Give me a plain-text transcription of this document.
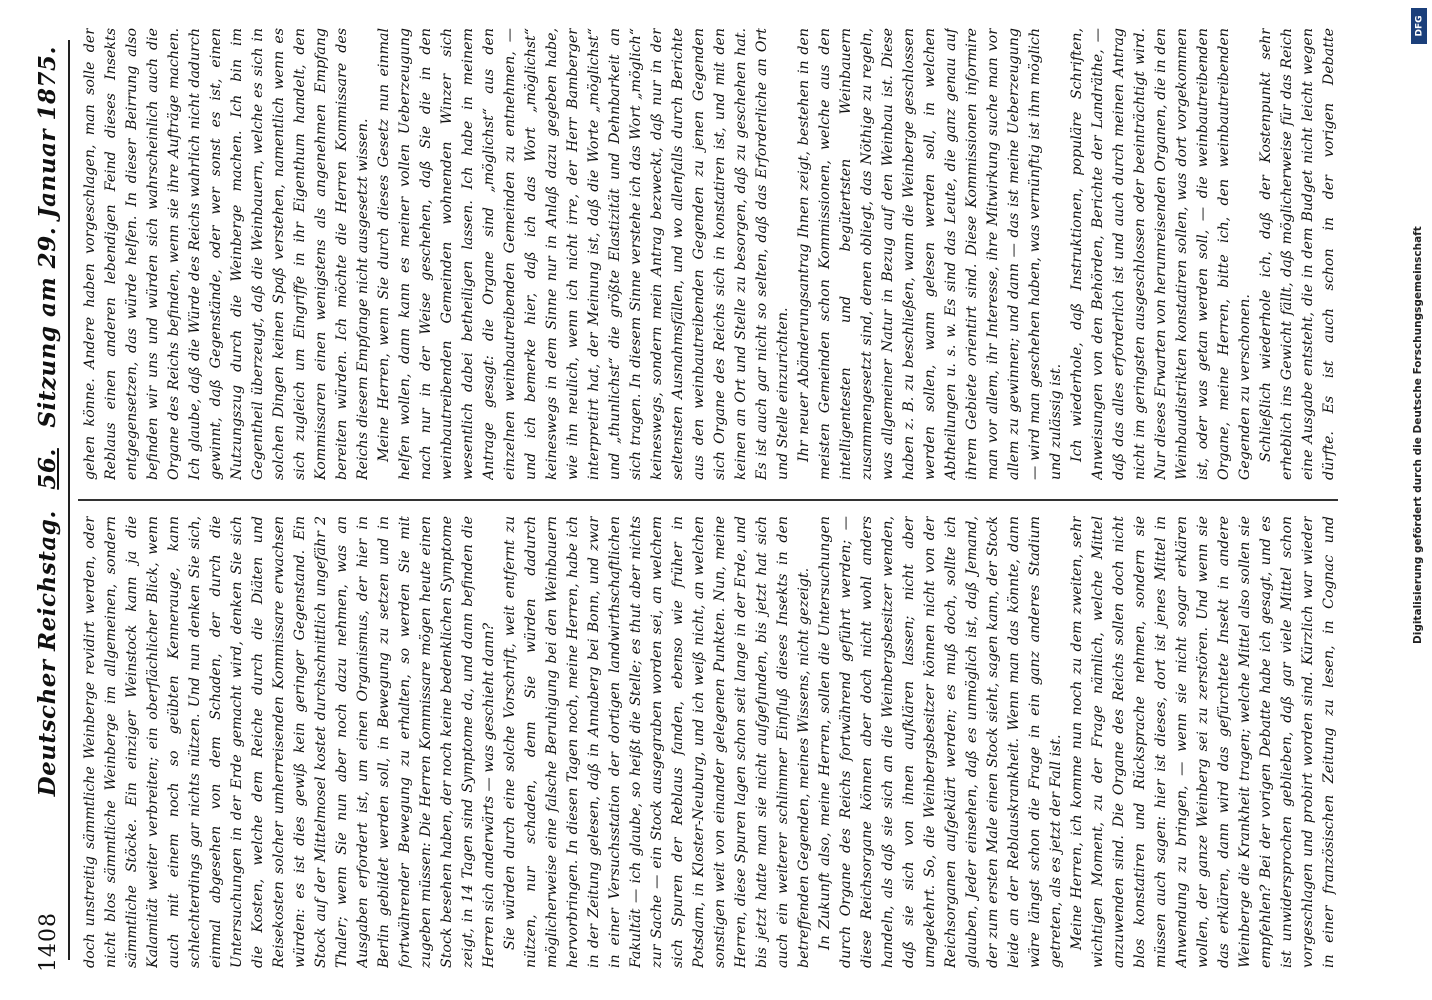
1408
Deutscher Reichstag. 56. Sitzung am 29. Januar 1875.

doch unstreitig sämmtliche Weinberge revidirt werden, oder nicht blos sämmtliche Weinberge im allgemeinen, sondern sämmtliche Stöcke. Ein einziger Weinstock kann ja die Kalamität weiter verbreiten; ein oberflächlicher Blick, wenn auch mit einem noch so geübten Kennerauge, kann schlechterdings gar nichts nützen. Und nun denken Sie sich, einmal abgesehen von dem Schaden, der durch die Untersuchungen in der Erde gemacht wird, denken Sie sich die Kosten, welche dem Reiche durch die Diäten und Reisekosten solcher umherreisenden Kommissare erwachsen würden: es ist dies gewiß kein geringer Gegenstand. Ein Stock auf der Mittelmosel kostet durchschnittlich ungefähr 2 Thaler; wenn Sie nun aber noch dazu nehmen, was an Ausgaben erfordert ist, um einen Organismus, der hier in Berlin gebildet werden soll, in Bewegung zu setzen und in fortwährender Bewegung zu erhalten, so werden Sie mit zugeben müssen: Die Herren Kommissare mögen heute einen Stock besehen haben, der noch keine bedenklichen Symptome zeigt, in 14 Tagen sind Symptome da, und dann befinden die Herren sich anderwärts — was geschieht dann? Sie würden durch eine solche Vorschrift, weit entfernt zu nützen, nur schaden, denn Sie würden dadurch möglicherweise eine falsche Beruhigung bei den Weinbauern hervorbringen. In diesen Tagen noch, meine Herren, habe ich in der Zeitung gelesen, daß in Annaberg bei Bonn, und zwar in einer Versuchsstation der dortigen landwirthschaftlichen Fakultät — ich glaube, so heißt die Stelle; es thut aber nichts zur Sache — ein Stock ausgegraben worden sei, an welchem sich Spuren der Reblaus fanden, ebenso wie früher in Potsdam, in Kloster-Neuburg, und ich weiß nicht, an welchen sonstigen weit von einander gelegenen Punkten. Nun, meine Herren, diese Spuren lagen schon seit lange in der Erde, und bis jetzt hatte man sie nicht aufgefunden, bis jetzt hat sich auch ein weiterer schlimmer Einfluß dieses Insekts in den betreffenden Gegenden, meines Wissens, nicht gezeigt. In Zukunft also, meine Herren, sollen die Untersuchungen durch Organe des Reichs fortwährend geführt werden; — diese Reichsorgane können aber doch nicht wohl anders handeln, als daß sie sich an die Weinbergsbesitzer wenden, daß sie sich von ihnen aufklären lassen; nicht aber umgekehrt. So, die Weinbergsbesitzer können nicht von der Reichsorganen aufgeklärt werden; es muß doch, sollte ich glauben, Jeder einsehen, daß es unmöglich ist, daß Jemand, der zum ersten Male einen Stock sieht, sagen kann, der Stock leide an der Reblauskrankheit. Wenn man das könnte, dann wäre längst schon die Frage in ein ganz anderes Stadium getreten, als es jetzt der Fall ist. Meine Herren, ich komme nun noch zu dem zweiten, sehr wichtigen Moment, zu der Frage nämlich, welche Mittel anzuwenden sind. Die Organe des Reichs sollen doch nicht blos konstatiren und Rücksprache nehmen, sondern sie müssen auch sagen: hier ist dieses, dort ist jenes Mittel in Anwendung zu bringen, — wenn sie nicht sogar erklären wollen, der ganze Weinberg sei zu zerstören. Und wenn sie das erklären, dann wird das gefürchtete Insekt in andere Weinberge die Krankheit tragen; welche Mittel also sollen sie empfehlen? Bei der vorigen Debatte habe ich gesagt, und es ist unwidersprochen geblieben, daß gar viele Mittel schon vorgeschlagen und probirt worden sind. Kürzlich war wieder in einer französischen Zeitung zu lesen, in Cognac und

gehen könne. Andere haben vorgeschlagen, man solle der Reblaus einen anderen lebendigen Feind dieses Insekts entgegensetzen, das würde helfen. In dieser Beirrung also befinden wir uns und würden sich wahrscheinlich auch die Organe des Reichs befinden, wenn sie ihre Aufträge machen. Ich glaube, daß die Würde des Reichs wahrlich nicht dadurch gewinnt, daß Gegenstände, oder wer sonst es ist, einen Nutzungszug durch die Weinberge machen. Ich bin im Gegentheil überzeugt, daß die Weinbauern, welche es sich in solchen Dingen keinen Spaß verstehen, namentlich wenn es sich zugleich um Eingriffe in ihr Eigenthum handelt, den Kommissaren einen wenigstens als angenehmen Empfang bereiten würden. Ich möchte die Herren Kommissare des Reichs diesem Empfange nicht ausgesetzt wissen. Meine Herren, wenn Sie durch dieses Gesetz nun einmal helfen wollen, dann kann es meiner vollen Ueberzeugung nach nur in der Weise geschehen, daß Sie die in den weinbautreibenden Gemeinden wohnenden Winzer sich wesentlich dabei betheiligen lassen. Ich habe in meinem Antrage gesagt: die Organe sind „möglichst“ aus den einzelnen weinbautreibenden Gemeinden zu entnehmen, — und ich bemerke hier, daß ich das Wort „möglichst“ keineswegs in dem Sinne nur in Anlaß dazu gegeben habe, wie ihn neulich, wenn ich nicht irre, der Herr Bamberger interpretirt hat, der Meinung ist, daß die Worte „möglichst“ und „thunlichst“ die größte Elastizität und Dehnbarkeit an sich tragen. In diesem Sinne verstehe ich das Wort „möglich“ keineswegs, sondern mein Antrag bezweckt, daß nur in der seltensten Ausnahmsfällen, und wo allenfalls durch Berichte aus den weinbautreibenden Gegenden zu jenen Gegenden sich Organe des Reichs sich in konstatiren ist, und mit den keinen an Ort und Stelle zu besorgen, daß zu geschehen hat. Es ist auch gar nicht so selten, daß das Erforderliche an Ort und Stelle einzurichten. Ihr neuer Abänderungsantrag Ihnen zeigt, bestehen in den meisten Gemeinden schon Kommissionen, welche aus den intelligentesten und begütertsten Weinbauern zusammengesetzt sind, denen obliegt, das Nöthige zu regeln, was allgemeiner Natur in Bezug auf den Weinbau ist. Diese haben z. B. zu beschließen, wann die Weinberge geschlossen werden sollen, wann gelesen werden soll, in welchen Abtheilungen u. s. w. Es sind das Leute, die ganz genau auf ihrem Gebiete orientirt sind. Diese Kommissionen informire man vor allem, ihr Interesse, ihre Mitwirkung suche man vor allem zu gewinnen; und dann — das ist meine Ueberzeugung — wird man geschehen haben, was vernünftig ist ihm möglich und zulässig ist. Ich wiederhole, daß Instruktionen, populäre Schriften, Anweisungen von den Behörden, Berichte der Landräthe, — daß das alles erforderlich ist und auch durch meinen Antrag nicht im geringsten ausgeschlossen oder beeinträchtigt wird. Nur dieses Erwarten von herumreisenden Organen, die in den Weinbaudistrikten konstatiren sollen, was dort vorgekommen ist, oder was getan werden soll, — die weinbautreibenden Organe, meine Herren, bitte ich, den weinbautreibenden Gegenden zu verschonen. Schließlich wiederhole ich, daß der Kostenpunkt sehr erheblich ins Gewicht fällt, daß möglicherweise für das Reich eine Ausgabe entsteht, die in dem Budget nicht leicht wegen dürfte. Es ist auch schon in der vorigen Debatte

DFG
Digitalisierung gefördert durch die Deutsche Forschungsgemeinschaft
